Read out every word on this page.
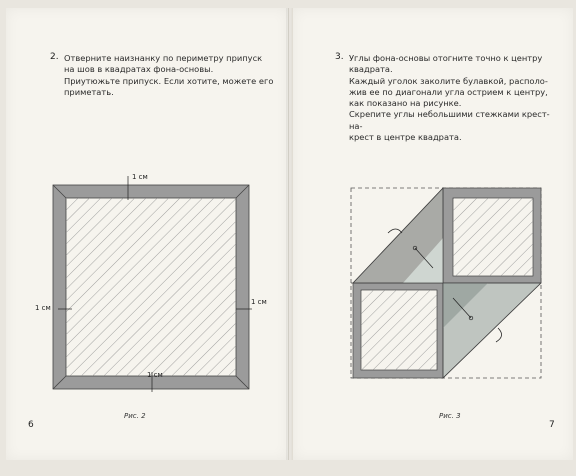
2. Отверните наизнанку по периметру припуск

на шов в квадратах фона-основы.

Приутюжьте припуск. Если хотите, можете его

приметать.

1 см
1 см
1 см
1 см
Рис. 2
6
3. Углы фона-основы отогните точно к центру

квадрата.

Каждый уголок заколите булавкой, располо-

жив ее по диагонали угла острием к центру,

как показано на рисунке.

Скрепите углы небольшими стежками крест-на-

крест в центре квадрата.

Рис. 3
7
